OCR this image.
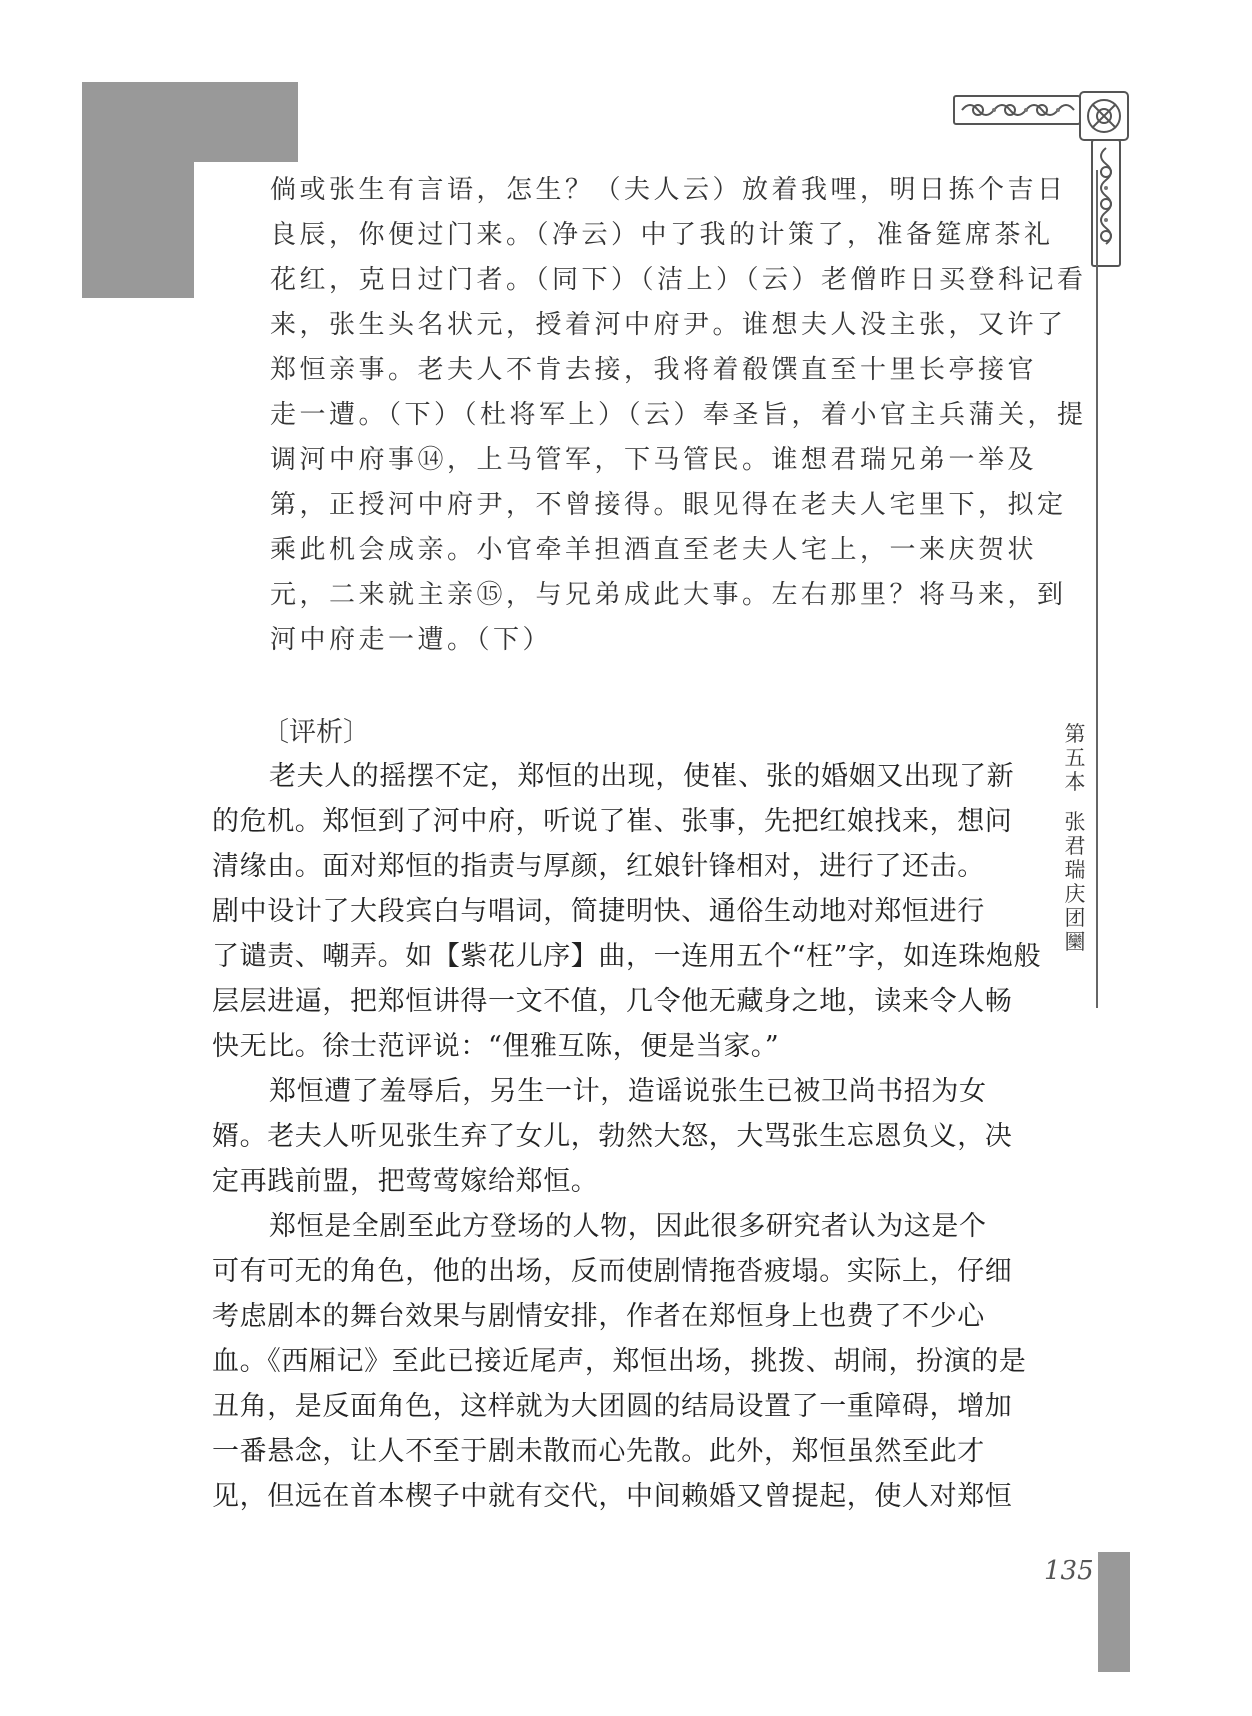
第
五
本
张
君
瑞
庆
团
圞
倘或张生有言语，怎生？（夫人云）放着我哩，明日拣个吉日
良辰，你便过门来。（净云）中了我的计策了，准备筵席茶礼
花红，克日过门者。（同下）（洁上）（云）老僧昨日买登科记看
来，张生头名状元，授着河中府尹。谁想夫人没主张，又许了
郑恒亲事。老夫人不肯去接，我将着殽馔直至十里长亭接官
走一遭。（下）（杜将军上）（云）奉圣旨，着小官主兵蒲关，提
调河中府事⑭，上马管军，下马管民。谁想君瑞兄弟一举及
第，正授河中府尹，不曾接得。眼见得在老夫人宅里下，拟定
乘此机会成亲。小官牵羊担酒直至老夫人宅上，一来庆贺状
元，二来就主亲⑮，与兄弟成此大事。左右那里？将马来，到
河中府走一遭。（下）
〔评析〕
老夫人的摇摆不定，郑恒的出现，使崔、张的婚姻又出现了新
的危机。郑恒到了河中府，听说了崔、张事，先把红娘找来，想问
清缘由。面对郑恒的指责与厚颜，红娘针锋相对，进行了还击。
剧中设计了大段宾白与唱词，简捷明快、通俗生动地对郑恒进行
了谴责、嘲弄。如【紫花儿序】曲，一连用五个“枉”字，如连珠炮般
层层进逼，把郑恒讲得一文不值，几令他无藏身之地，读来令人畅
快无比。徐士范评说：“俚雅互陈，便是当家。”
郑恒遭了羞辱后，另生一计，造谣说张生已被卫尚书招为女
婿。老夫人听见张生弃了女儿，勃然大怒，大骂张生忘恩负义，决
定再践前盟，把莺莺嫁给郑恒。
郑恒是全剧至此方登场的人物，因此很多研究者认为这是个
可有可无的角色，他的出场，反而使剧情拖沓疲塌。实际上，仔细
考虑剧本的舞台效果与剧情安排，作者在郑恒身上也费了不少心
血。《西厢记》至此已接近尾声，郑恒出场，挑拨、胡闹，扮演的是
丑角，是反面角色，这样就为大团圆的结局设置了一重障碍，增加
一番悬念，让人不至于剧未散而心先散。此外，郑恒虽然至此才
见，但远在首本楔子中就有交代，中间赖婚又曾提起，使人对郑恒
135
